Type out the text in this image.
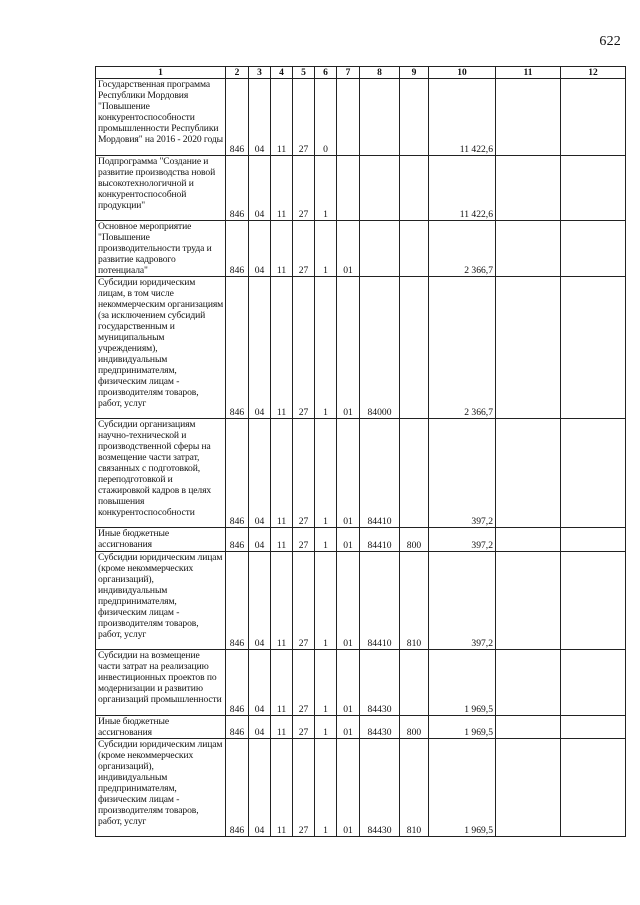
622
1	2	3	4	5	6	7	8	9	10	11	12
Государственная программа Республики Мордовия "Повышение конкурентоспособности промышленности Республики Мордовия" на 2016 - 2020 годы	846	04	11	27	0				11 422,6		
Подпрограмма "Создание и развитие производства новой высокотехнологичной и конкурентоспособной продукции"	846	04	11	27	1				11 422,6		
Основное мероприятие "Повышение производительности труда и развитие кадрового потенциала"	846	04	11	27	1	01			2 366,7		
Субсидии юридическим лицам, в том числе некоммерческим организациям (за исключением субсидий государственным и муниципальным учреждениям), индивидуальным предпринимателям, физическим лицам - производителям товаров, работ, услуг	846	04	11	27	1	01	84000		2 366,7		
Субсидии организациям научно-технической и производственной сферы на возмещение части затрат, связанных с подготовкой, переподготовкой и стажировкой кадров в целях повышения конкурентоспособности	846	04	11	27	1	01	84410		397,2		
Иные бюджетные ассигнования	846	04	11	27	1	01	84410	800	397,2		
Субсидии юридическим лицам (кроме некоммерческих организаций), индивидуальным предпринимателям, физическим лицам - производителям товаров, работ, услуг	846	04	11	27	1	01	84410	810	397,2		
Субсидии на возмещение части затрат на реализацию инвестиционных проектов по модернизации и развитию организаций промышленности	846	04	11	27	1	01	84430		1 969,5		
Иные бюджетные ассигнования	846	04	11	27	1	01	84430	800	1 969,5		
Субсидии юридическим лицам (кроме некоммерческих организаций), индивидуальным предпринимателям, физическим лицам - производителям товаров, работ, услуг	846	04	11	27	1	01	84430	810	1 969,5		
